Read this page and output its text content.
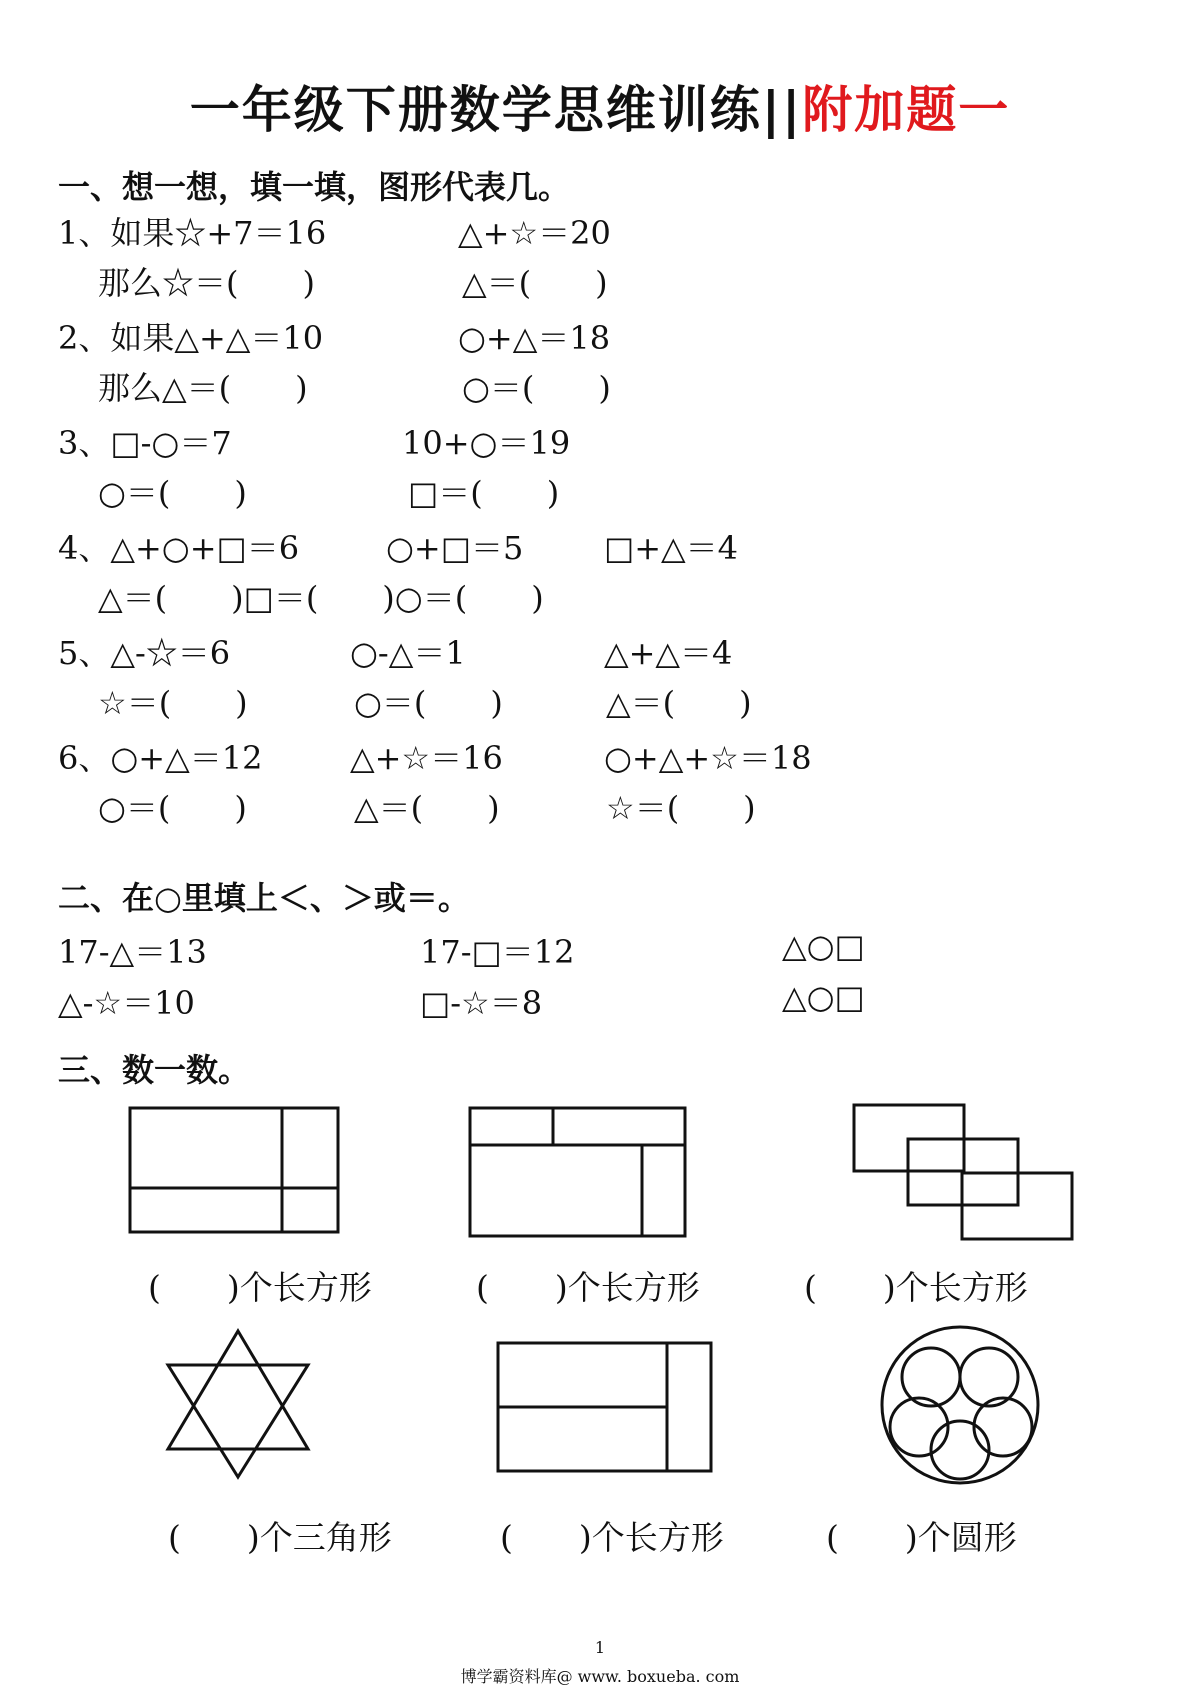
一年级下册数学思维训练||附加题一
一、想一想，填一填，图形代表几。
1、如果☆+7＝16	△+☆＝20
那么☆＝(　　)	△＝(　　)
2、如果△+△＝10	○+△＝18
那么△＝(　　)	○＝(　　)
3、□-○＝7	10+○＝19
○＝(　　)	□＝(　　)
4、△+○+□＝6	○+□＝5	□+△＝4
△＝(　　)□＝(　　)○＝(　　)
5、△-☆＝6	○-△＝1	△+△＝4
☆＝(　　)	○＝(　　)	△＝(　　)
6、○+△＝12	△+☆＝16	○+△+☆＝18
○＝(　　)	△＝(　　)	☆＝(　　)
二、在○里填上＜、＞或＝。
17-△＝13	17-□＝12	△○□
△-☆＝10	□-☆＝8	△○□
三、数一数。
(　　)个长方形	(　　)个长方形	(　　)个长方形
(　　)个三角形	(　　)个长方形	(　　)个圆形
1
博学霸资料库@ www. boxueba. com
